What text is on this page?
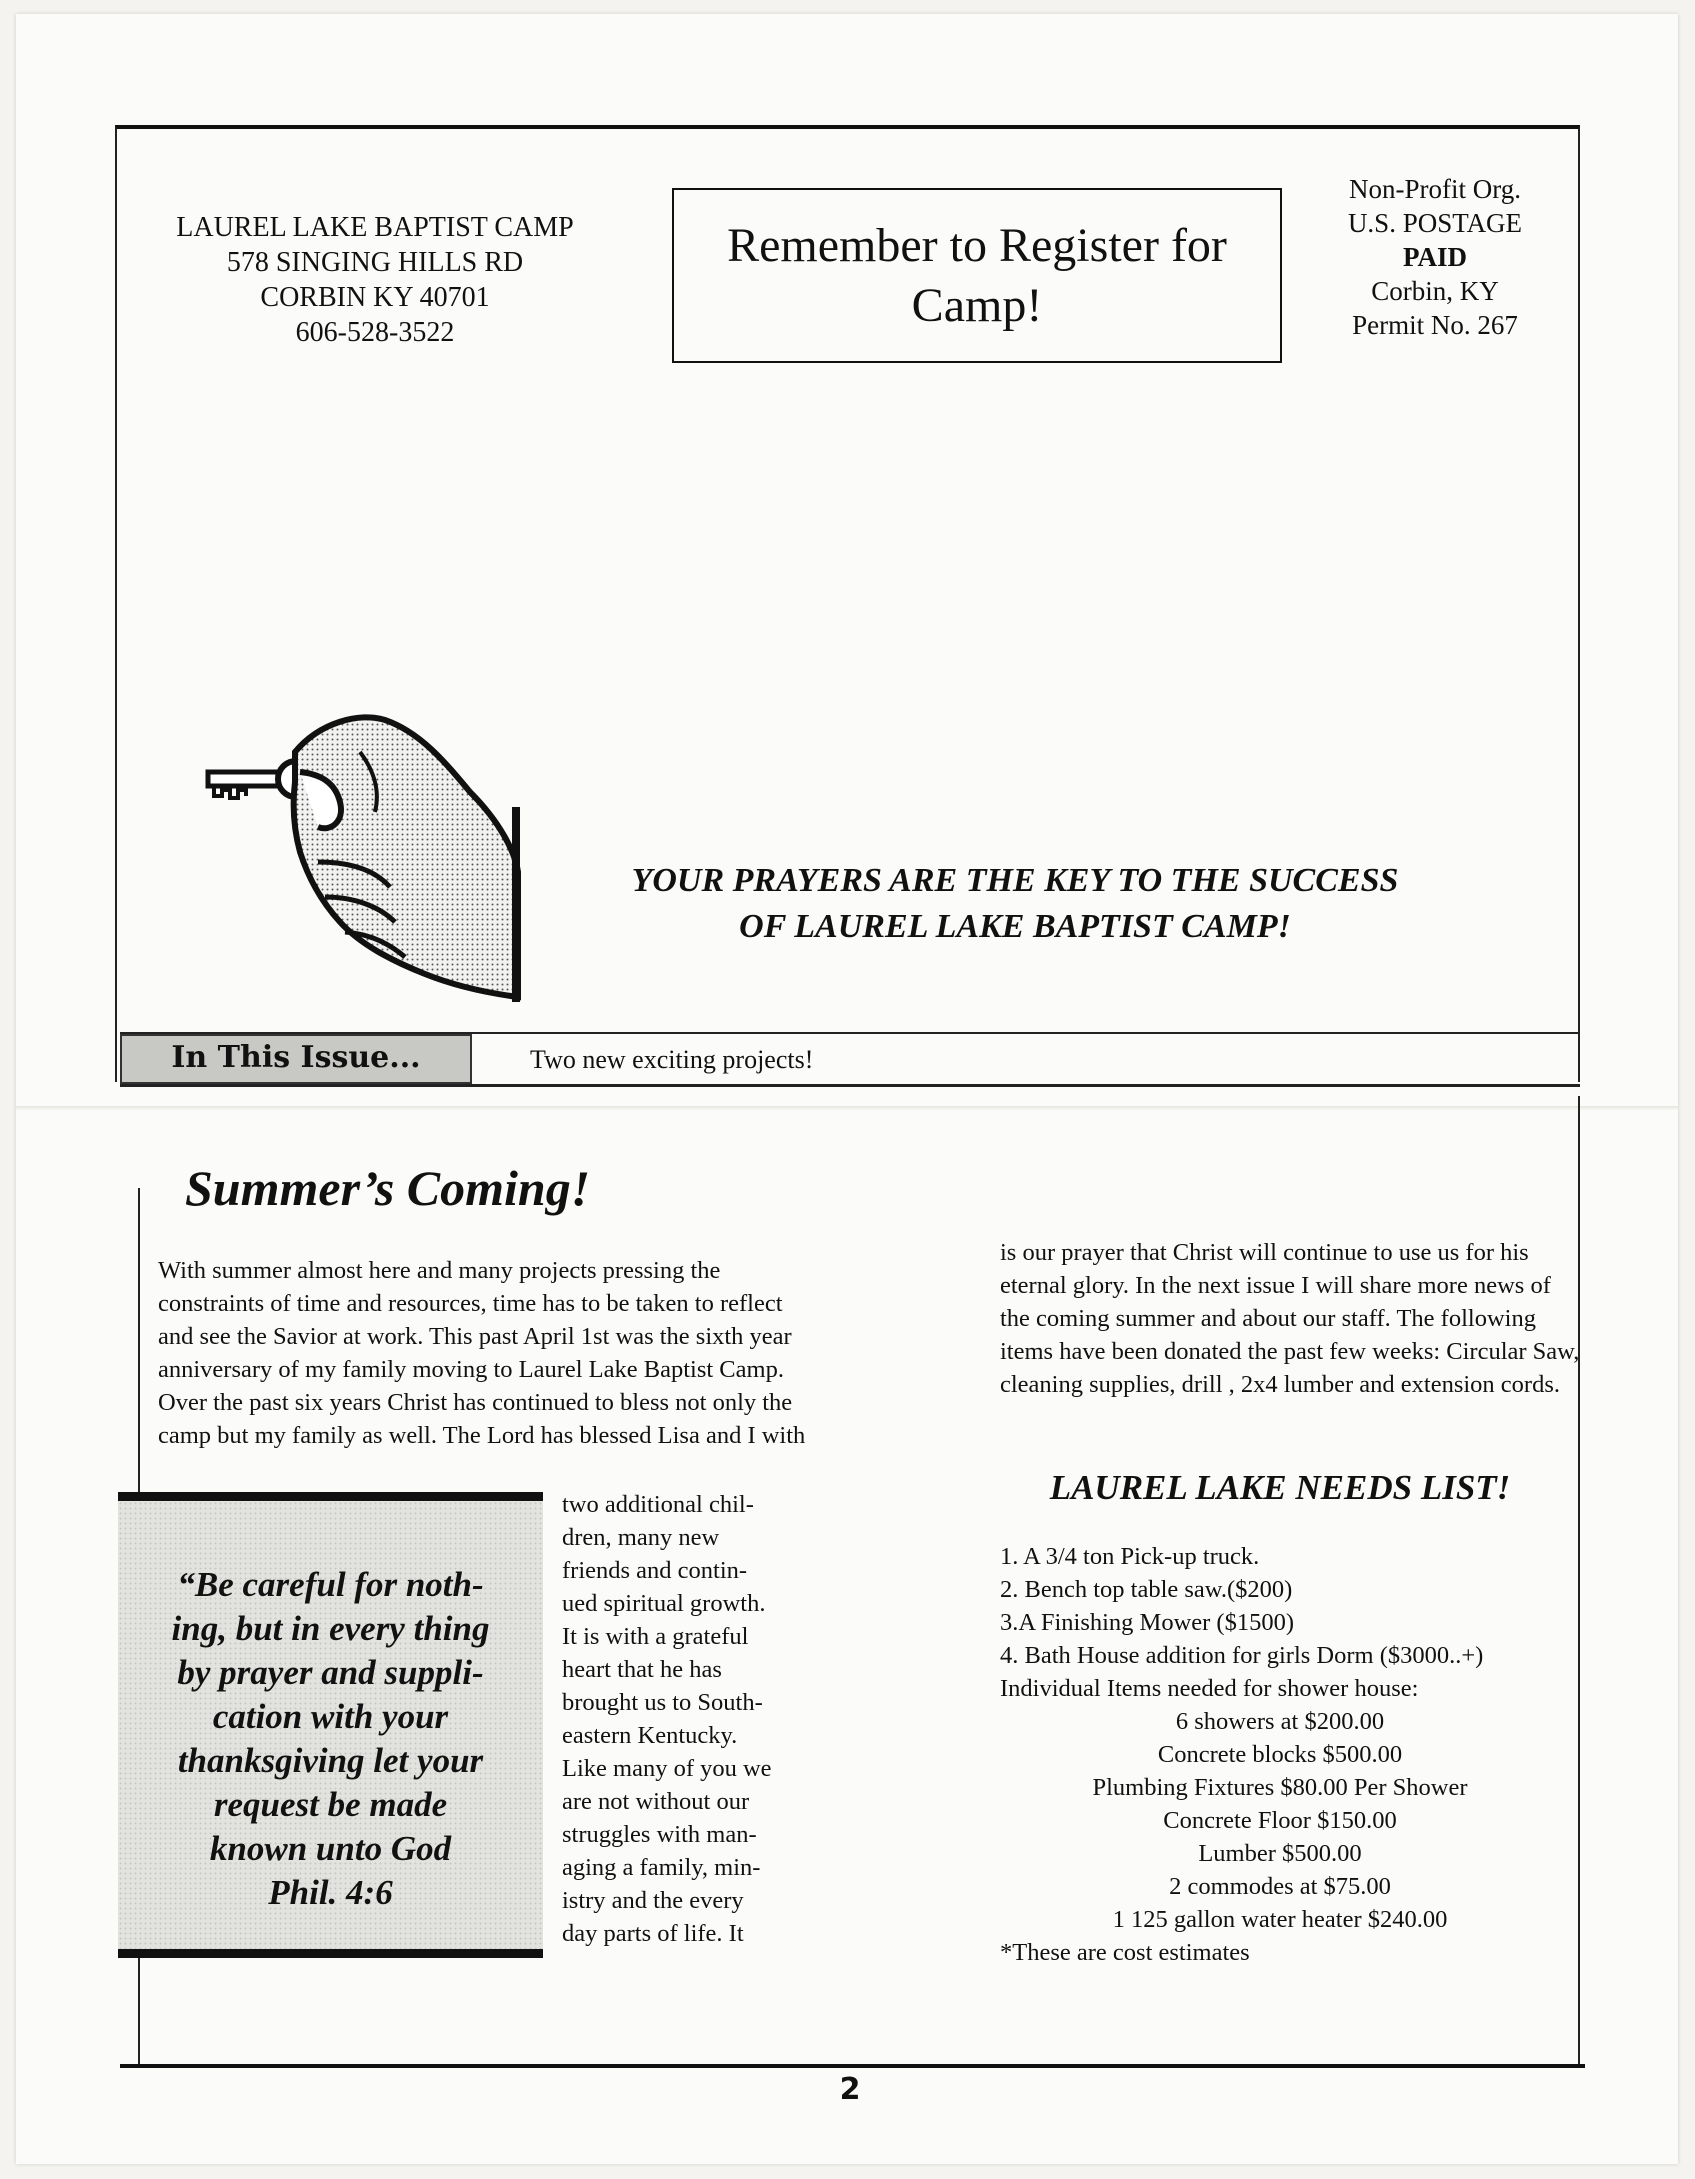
LAUREL LAKE BAPTIST CAMP
578 SINGING HILLS RD
CORBIN KY 40701
606-528-3522
Remember to Register for Camp!
Non-Profit Org.
U.S. POSTAGE
PAID
Corbin, KY
Permit No. 267
YOUR PRAYERS ARE THE KEY TO THE SUCCESS
OF LAUREL LAKE BAPTIST CAMP!
In This Issue...	Two new exciting projects!
Summer’s Coming!
With summer almost here and many projects pressing the constraints of time and resources, time has to be taken to reflect and see the Savior at work. This past April 1st was the sixth year anniversary of my family moving to Laurel Lake Baptist Camp. Over the past six years Christ has continued to bless not only the camp but my family as well. The Lord has blessed Lisa and I with
“Be careful for noth-
ing, but in every thing
by prayer and suppli-
cation with your
thanksgiving let your
request be made
known unto God
Phil. 4:6
two additional chil-
dren, many new
friends and contin-
ued spiritual growth.
It is with a grateful
heart that he has
brought us to South-
eastern Kentucky.
Like many of you we
are not without our
struggles with man-
aging a family, min-
istry and the every
day parts of life. It
is our prayer that Christ will continue to use us for his eternal glory. In the next issue I will share more news of the coming summer and about our staff. The following items have been donated the past few weeks: Circular Saw, cleaning supplies, drill , 2x4 lumber and extension cords.
LAUREL LAKE NEEDS LIST!
1. A 3/4 ton Pick-up truck.
2. Bench top table saw.($200)
3.A Finishing Mower ($1500)
4. Bath House addition for girls Dorm ($3000..+)
Individual Items needed for shower house:
6 showers at $200.00
Concrete blocks $500.00
Plumbing Fixtures $80.00 Per Shower
Concrete Floor $150.00
Lumber $500.00
2 commodes at $75.00
1 125 gallon water heater $240.00
*These are cost estimates
2
